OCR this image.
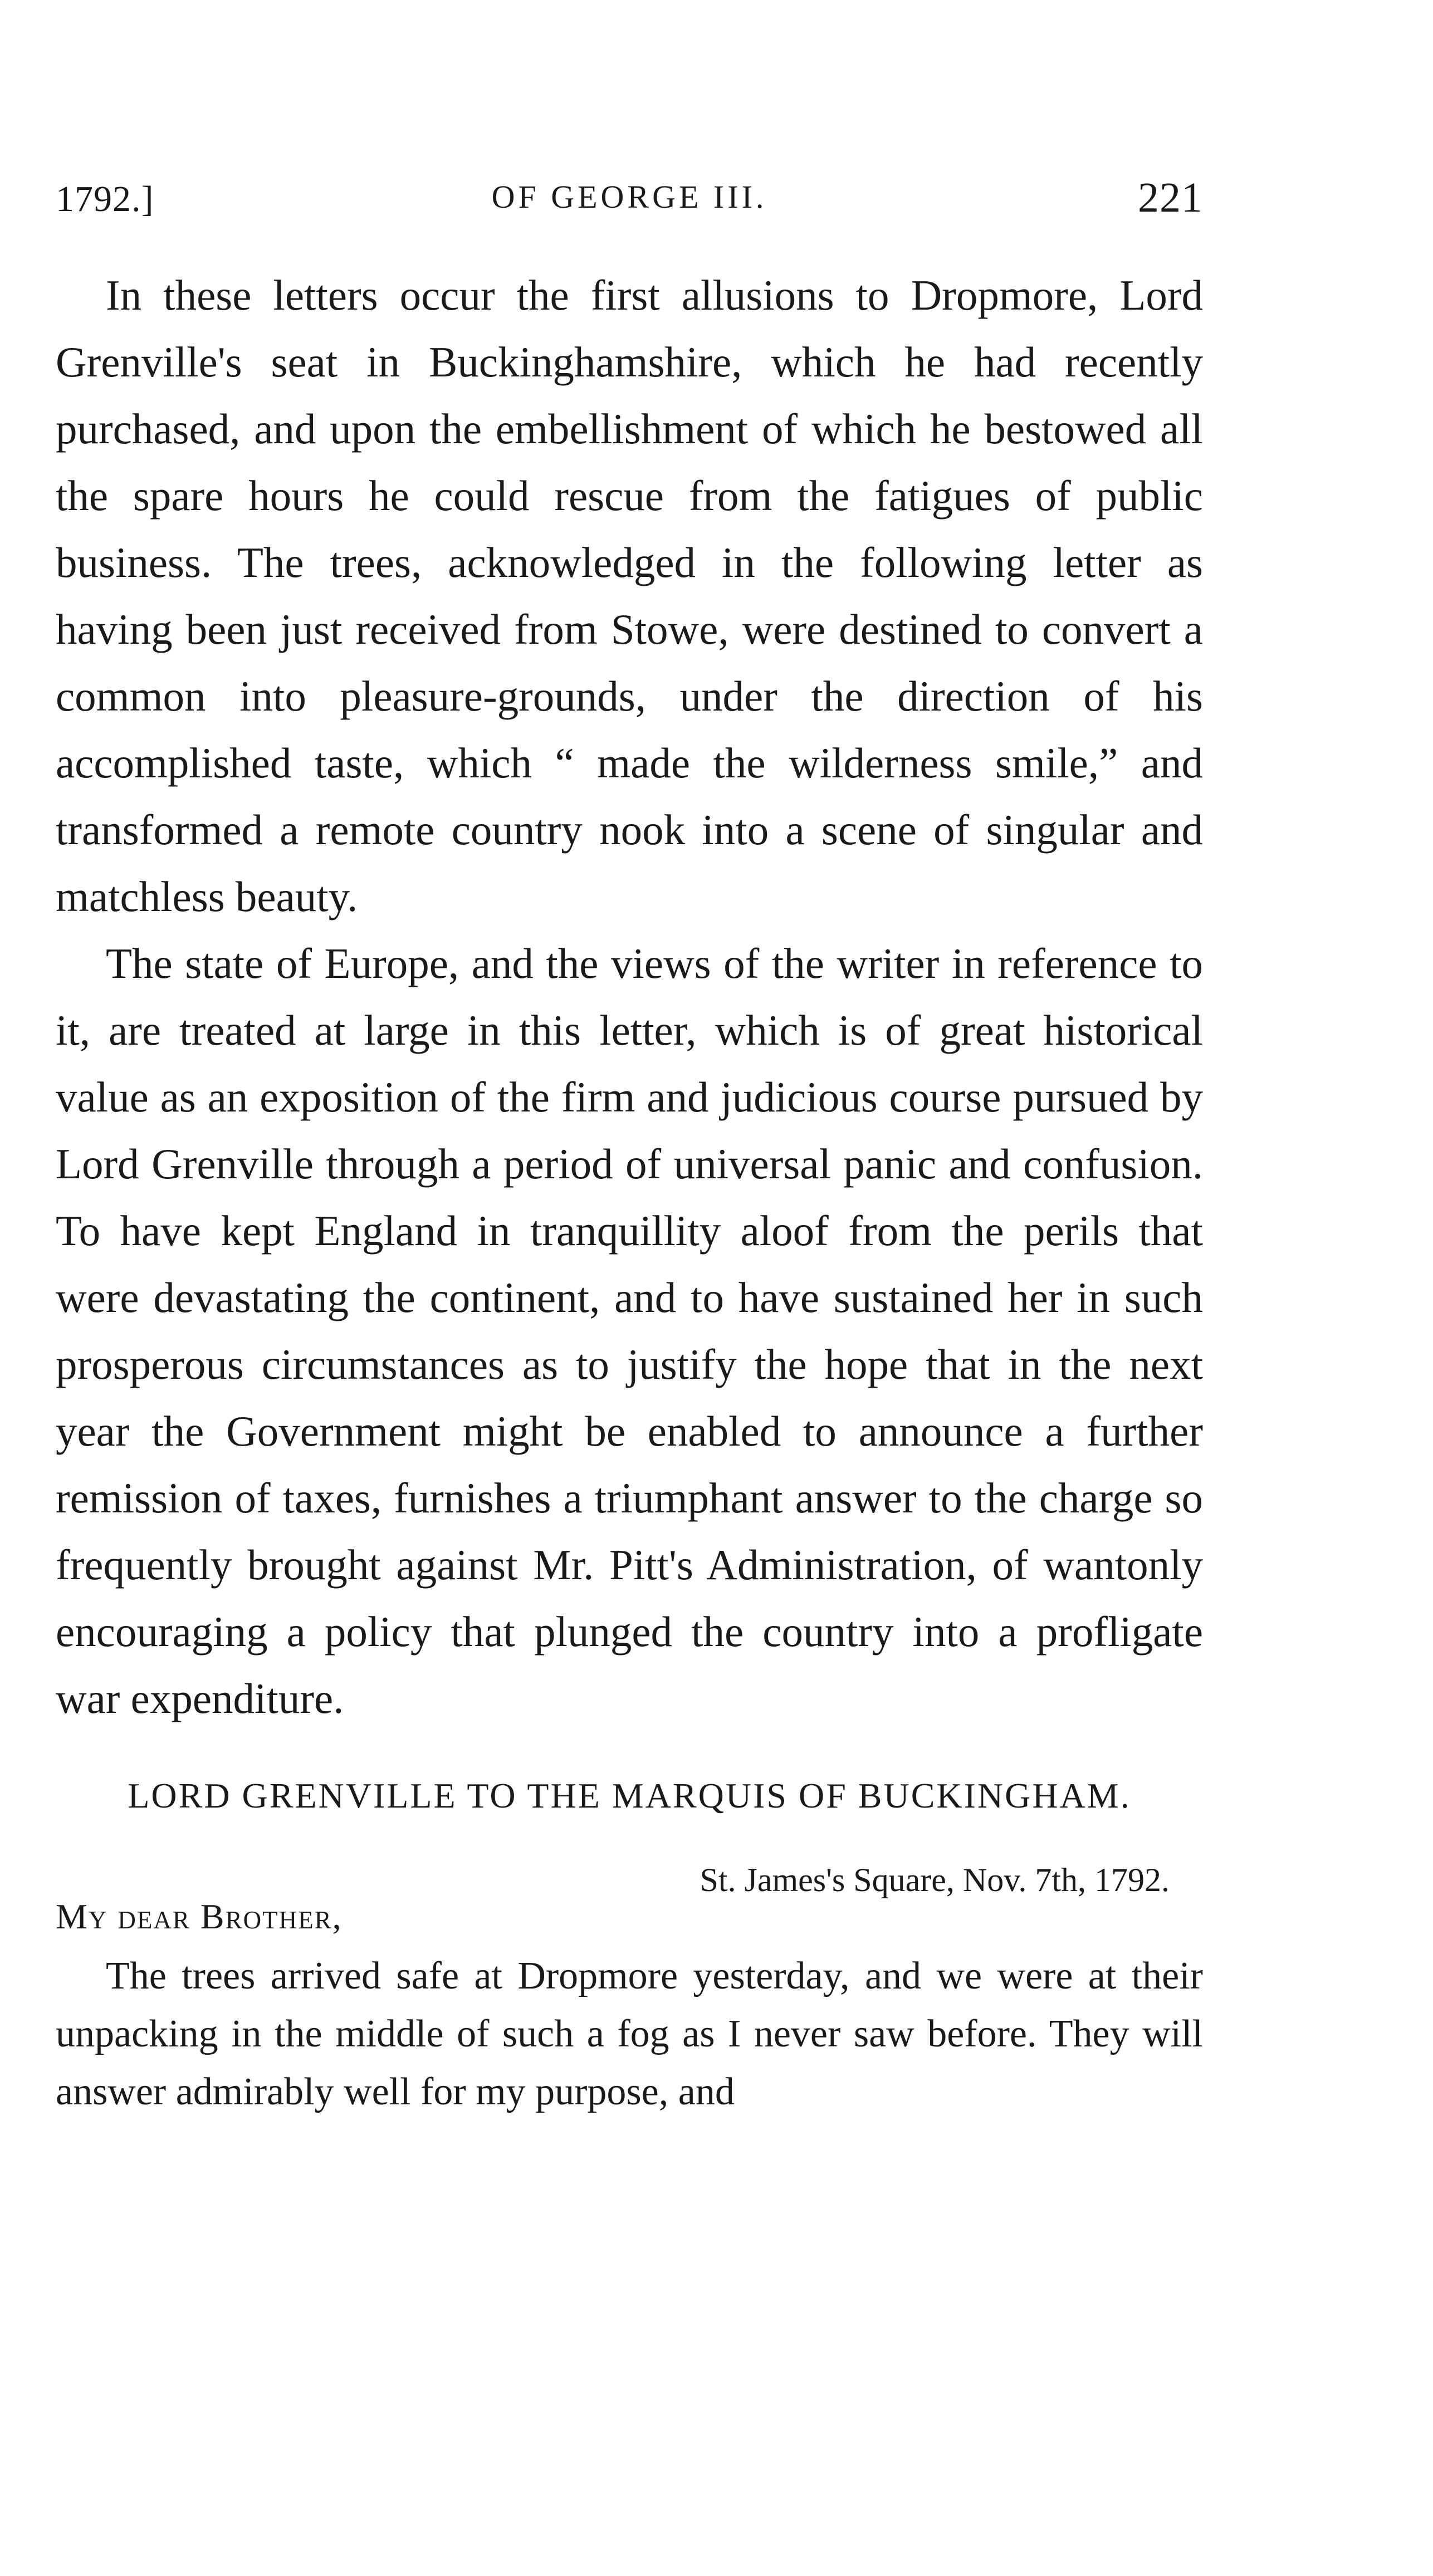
1792.]	OF GEORGE III.	221

In these letters occur the first allusions to Dropmore, Lord Grenville's seat in Buckinghamshire, which he had recently purchased, and upon the embellishment of which he bestowed all the spare hours he could rescue from the fatigues of public business. The trees, acknowledged in the following letter as having been just received from Stowe, were destined to convert a common into pleasure-grounds, under the direction of his accomplished taste, which “ made the wilderness smile,” and transformed a remote country nook into a scene of singular and matchless beauty.

The state of Europe, and the views of the writer in reference to it, are treated at large in this letter, which is of great historical value as an exposition of the firm and judicious course pursued by Lord Grenville through a period of universal panic and confusion. To have kept England in tranquillity aloof from the perils that were devastating the continent, and to have sustained her in such prosperous circumstances as to justify the hope that in the next year the Government might be enabled to announce a further remission of taxes, furnishes a triumphant answer to the charge so frequently brought against Mr. Pitt's Administration, of wantonly encouraging a policy that plunged the country into a profligate war expenditure.

LORD GRENVILLE TO THE MARQUIS OF BUCKINGHAM.
St. James's Square, Nov. 7th, 1792.
My dear Brother,

The trees arrived safe at Dropmore yesterday, and we were at their unpacking in the middle of such a fog as I never saw before. They will answer admirably well for my purpose, and
